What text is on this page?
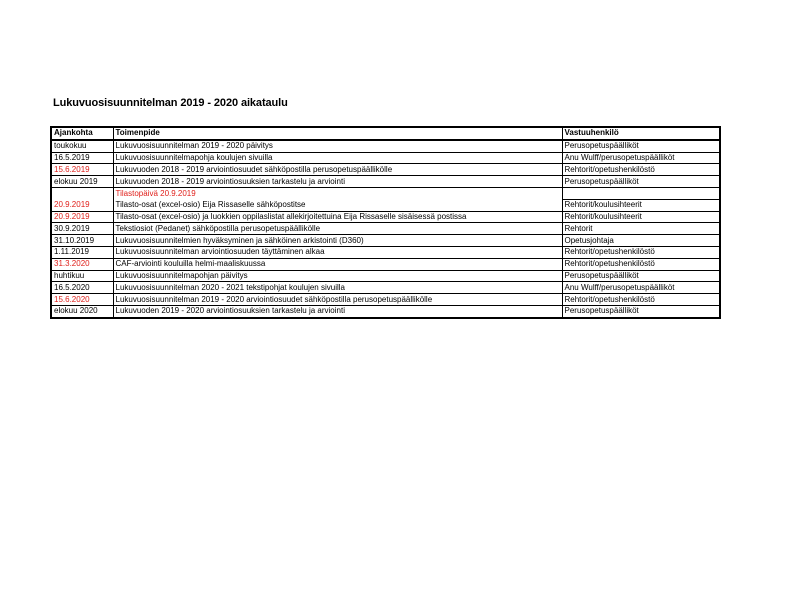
Lukuvuosisuunnitelman 2019 - 2020 aikataulu
Ajankohta	Toimenpide	Vastuuhenkilö
toukokuu	Lukuvuosisuunnitelman 2019 - 2020 päivitys	Perusopetuspäälliköt
16.5.2019	Lukuvuosisuunnitelmapohja koulujen sivuilla	Anu Wulff/perusopetuspäälliköt
15.6.2019	Lukuvuoden 2018 - 2019 arviointiosuudet sähköpostilla perusopetuspäällikölle	Rehtorit/opetushenkilöstö
elokuu 2019	Lukuvuoden 2018 - 2019 arviointiosuuksien tarkastelu ja arviointi	Perusopetuspäälliköt
	Tilastopäivä 20.9.2019	
20.9.2019	Tilasto-osat (excel-osio) Eija Rissaselle sähköpostitse	Rehtorit/koulusihteerit
20.9.2019	Tilasto-osat (excel-osio) ja luokkien oppilaslistat allekirjoitettuina Eija Rissaselle sisäisessä postissa	Rehtorit/koulusihteerit
30.9.2019	Tekstiosiot (Pedanet) sähköpostilla perusopetuspäällikölle	Rehtorit
31.10.2019	Lukuvuosisuunnitelmien hyväksyminen ja sähköinen arkistointi (D360)	Opetusjohtaja
1.11.2019	Lukuvuosisuunnitelman arviointiosuuden täyttäminen alkaa	Rehtorit/opetushenkilöstö
31.3.2020	CAF-arviointi kouluilla helmi-maaliskuussa	Rehtorit/opetushenkilöstö
huhtikuu	Lukuvuosisuunnitelmapohjan päivitys	Perusopetuspäälliköt
16.5.2020	Lukuvuosisuunnitelman 2020 - 2021 tekstipohjat koulujen sivuilla	Anu Wulff/perusopetuspäälliköt
15.6.2020	Lukuvuosisuunnitelman 2019 - 2020 arviointiosuudet sähköpostilla perusopetuspäällikölle	Rehtorit/opetushenkilöstö
elokuu 2020	Lukuvuoden 2019 - 2020 arviointiosuuksien tarkastelu ja arviointi	Perusopetuspäälliköt
